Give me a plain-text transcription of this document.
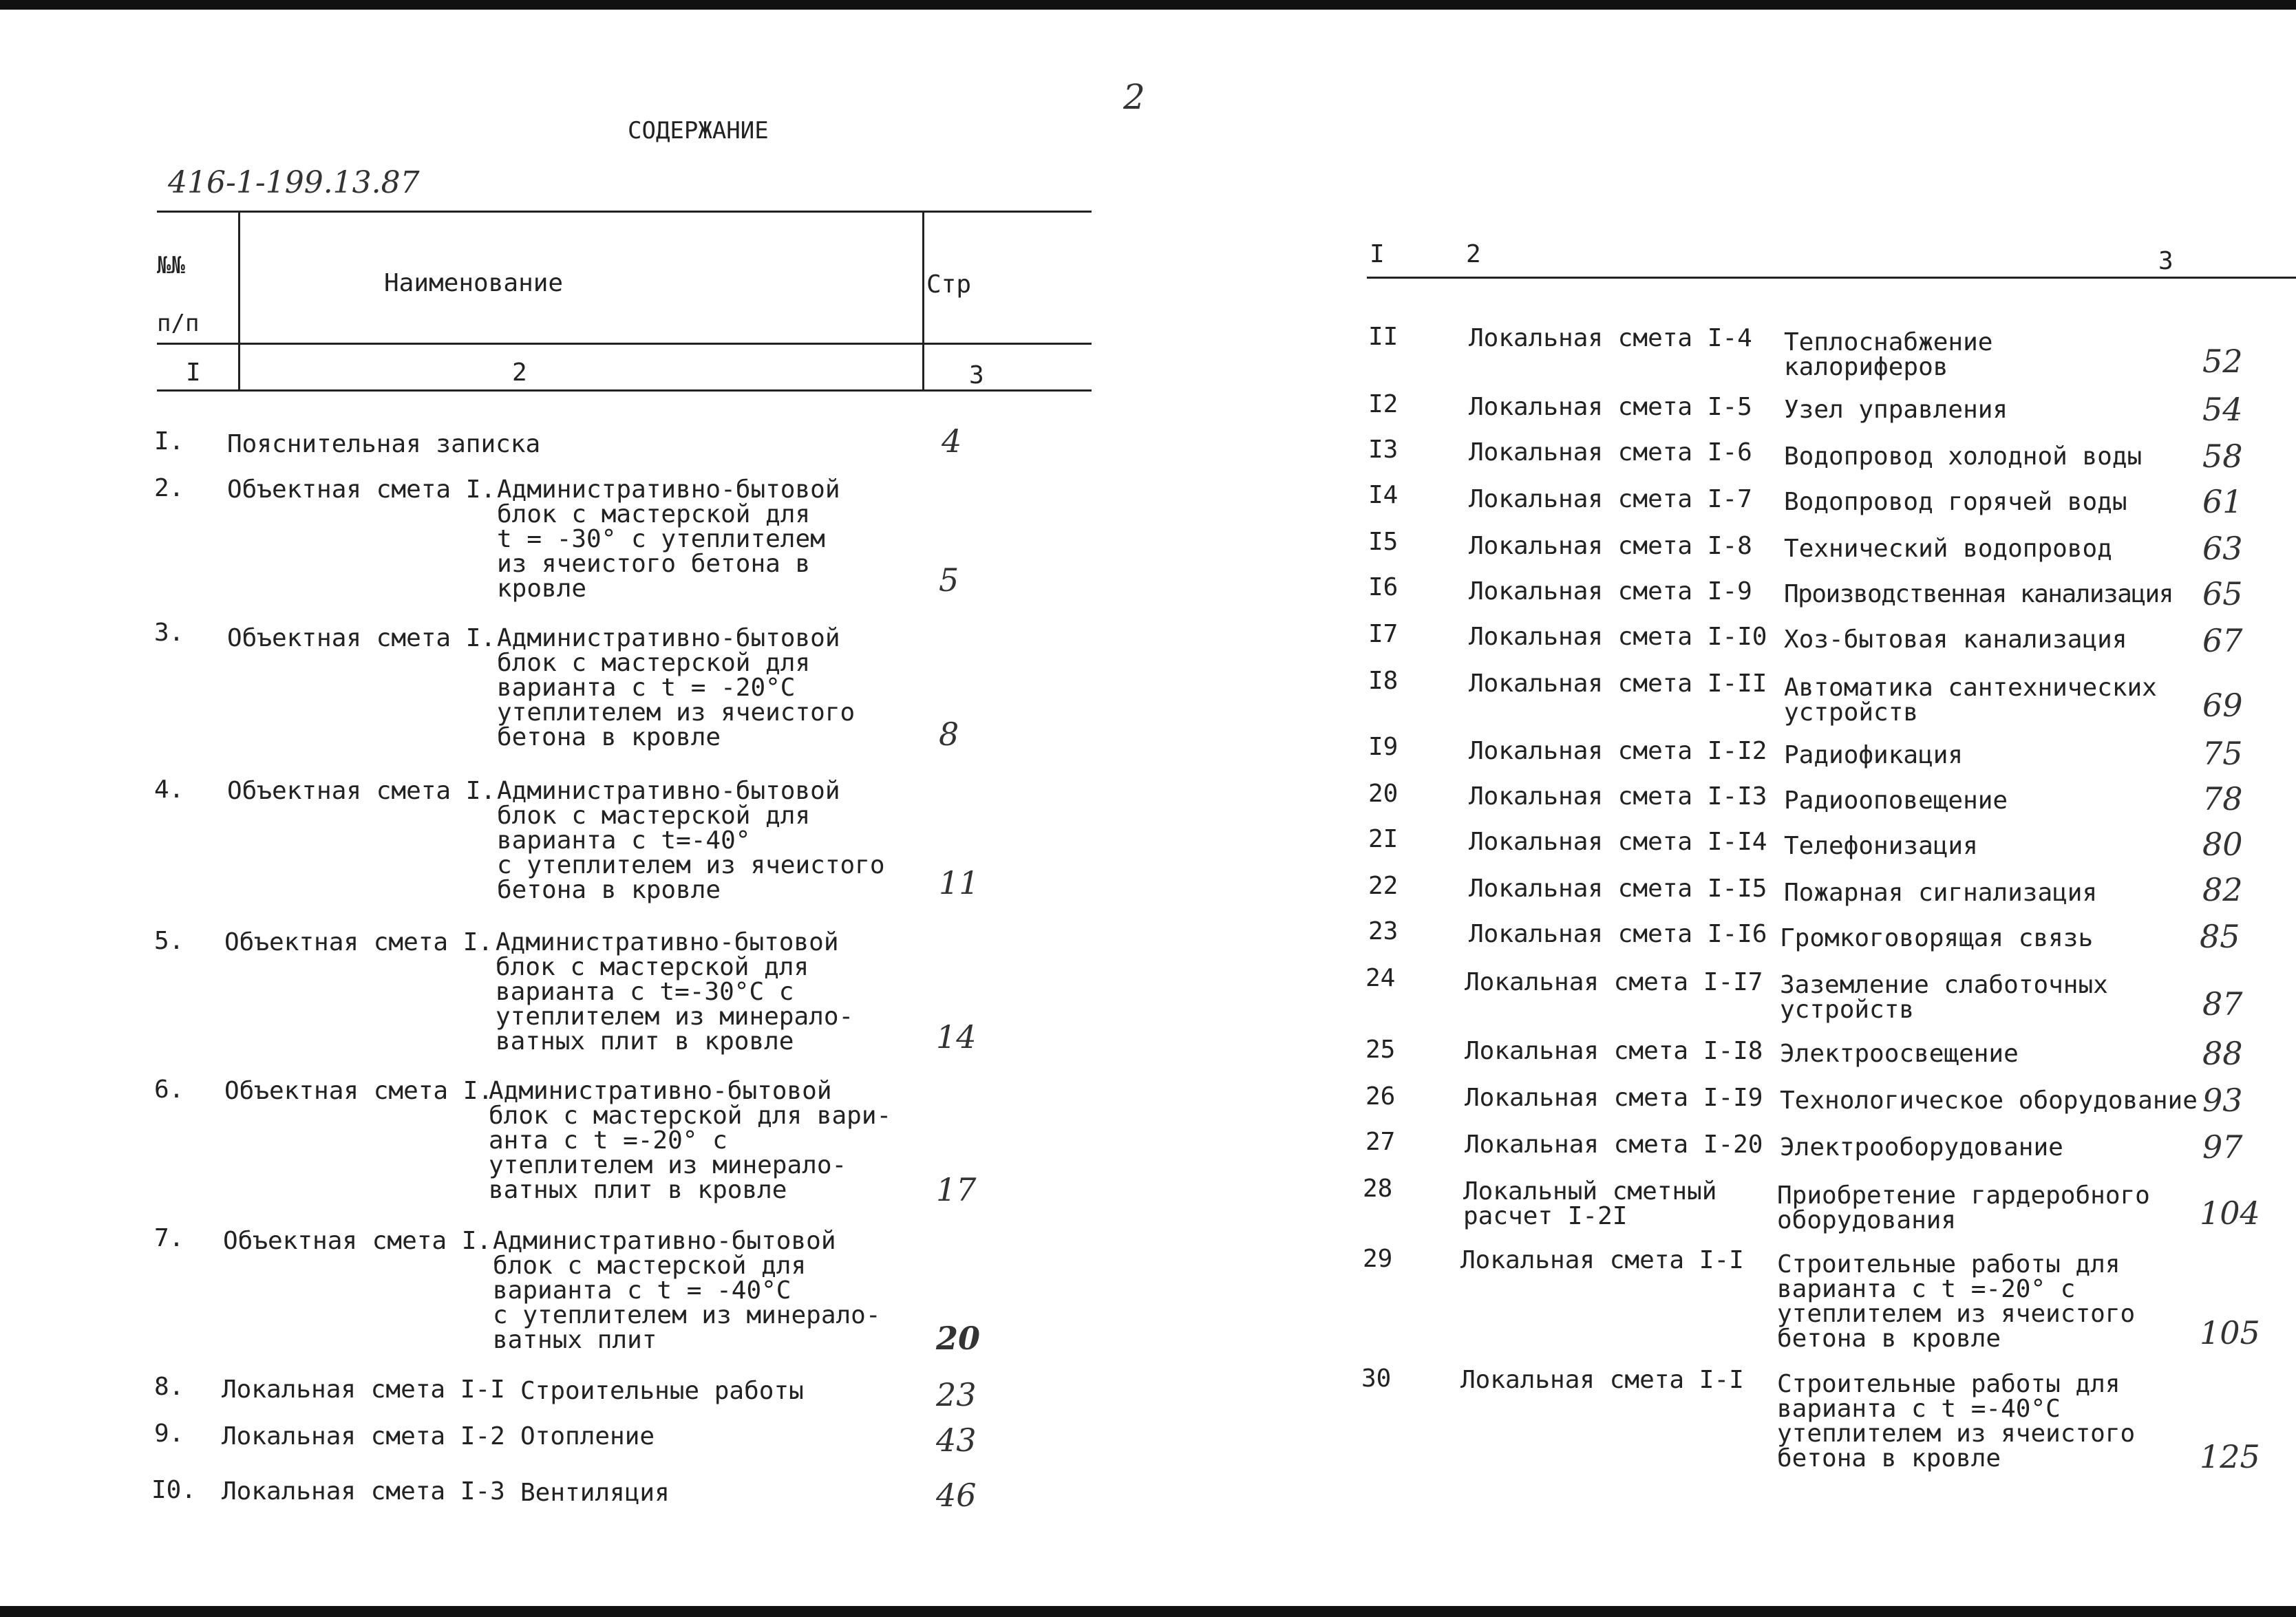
2
СОДЕРЖАНИЕ
416-1-199.13.87
№№
п/п
Наименование	Стр
I	2	3
I. Пояснительная записка	4
2. Объектная смета I. Административно-бытовой
блок с мастерской для
t = -30° с утеплителем
из ячеистого бетона в
кровле	5
3. Объектная смета I. Административно-бытовой
блок с мастерской для
варианта с t = -20°С
утеплителем из ячеистого
бетона в кровле	8
4. Объектная смета I. Административно-бытовой
блок с мастерской для
варианта с t=-40°
с утеплителем из ячеистого
бетона в кровле	11
5. Объектная смета I. Административно-бытовой
блок с мастерской для
варианта с t=-30°С с
утеплителем из минерало-
ватных плит в кровле	14
6. Объектная смета I.
Административно-бытовой
блок с мастерской для вари-
анта с t =-20° с
утеплителем из минерало-
ватных плит в кровле	17
7. Объектная смета I. Административно-бытовой
блок с мастерской для
варианта с t = -40°С
с утеплителем из минерало-
ватных плит	20
8. Локальная смета I-I Строительные работы	23
9. Локальная смета I-2 Отопление	43
I0. Локальная смета I-3 Вентиляция	46
I	2	3
II	Локальная смета I-4 Теплоснабжение
калориферов	52
I2	Локальная смета I-5 Узел управления	54
I3	Локальная смета I-6 Водопровод холодной воды 58
I4	Локальная смета I-7 Водопровод горячей воды 61
I5	Локальная смета I-8 Технический водопровод	63
I6	Локальная смета I-9 Производственная канализация 65
I7	Локальная смета I-I0 Хоз-бытовая канализация 67
I8	Локальная смета I-II Автоматика сантехнических
устройств	69
I9	Локальная смета I-I2 Радиофикация	75
20	Локальная смета I-I3 Радиооповещение	78
2I	Локальная смета I-I4 Телефонизация	80
22	Локальная смета I-I5 Пожарная сигнализация	82
23	Локальная смета I-I6 Громкоговорящая связь	85
24	Локальная смета I-I7 Заземление слаботочных
устройств	87
25	Локальная смета I-I8 Электроосвещение	88
26	Локальная смета I-I9 Технологическое оборудование 93
27	Локальная смета I-20 Электрооборудование	97
28	Локальный сметный
расчет I-2I
Приобретение гардеробного
оборудования	104
29	Локальная смета I-I Строительные работы для
варианта с t =-20° с
утеплителем из ячеистого
бетона в кровле	105
30	Локальная смета I-I Строительные работы для
варианта с t =-40°С
утеплителем из ячеистого
бетона в кровле	125
